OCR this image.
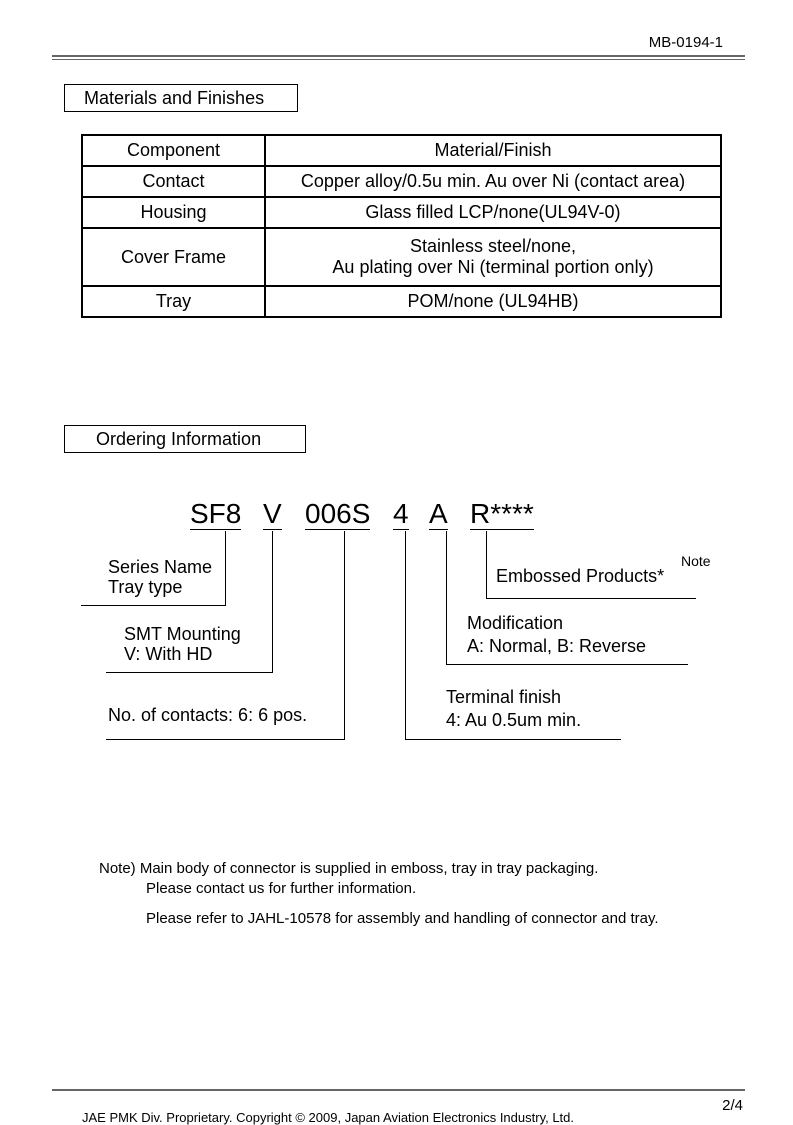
MB-0194-1
Materials and Finishes
Component	Material/Finish
Contact	Copper alloy/0.5u min. Au over Ni (contact area)
Housing	Glass filled LCP/none(UL94V-0)
Cover Frame	Stainless steel/none,
Au plating over Ni (terminal portion only)

Tray	POM/none (UL94HB)
Ordering Information
SF8 V 006S 4 A R****
Series Name
Tray type
SMT Mounting
V: With HD
No. of contacts: 6: 6 pos.
Embossed Products*
Note
Modification
A: Normal, B: Reverse
Terminal finish
4: Au 0.5um min.
Note) Main body of connector is supplied in emboss, tray in tray packaging.
Please contact us for further information.
Please refer to JAHL-10578 for assembly and handling of connector and tray.
2/4
JAE PMK Div. Proprietary. Copyright © 2009, Japan Aviation Electronics Industry, Ltd.
